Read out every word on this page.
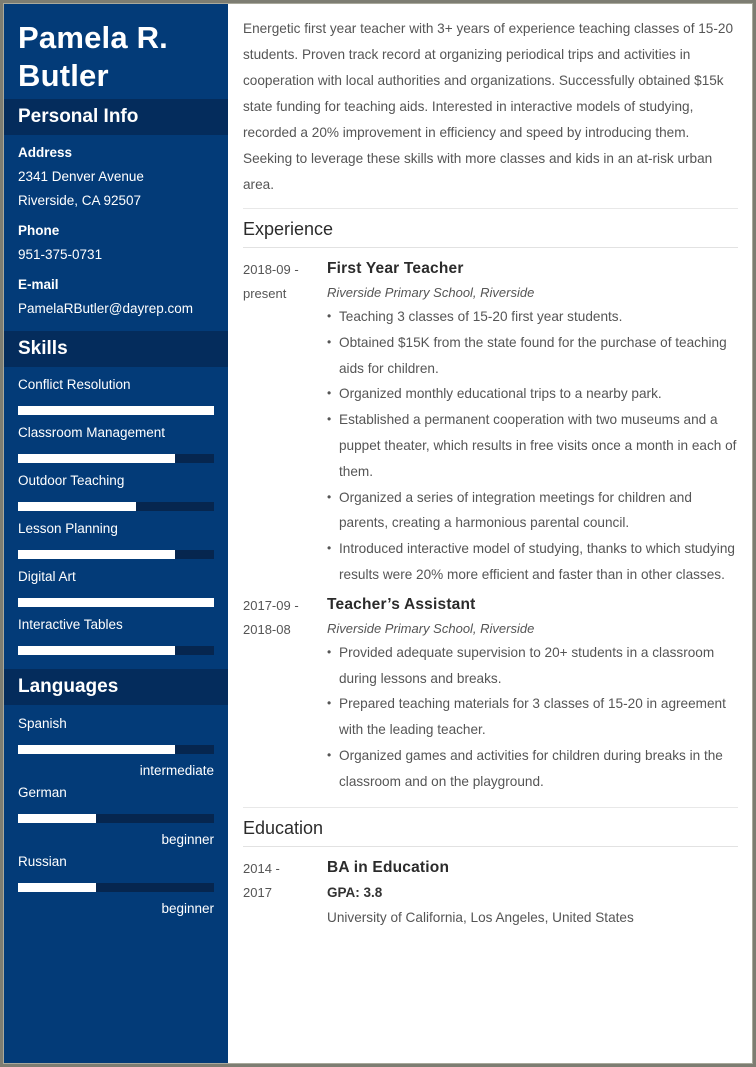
Pamela R.
Butler
Personal Info
Address
2341 Denver Avenue
Riverside, CA 92507
Phone
951-375-0731
E-mail
PamelaRButler@dayrep.com
Skills
Conflict Resolution
Classroom Management
Outdoor Teaching
Lesson Planning
Digital Art
Interactive Tables
Languages
Spanish
intermediate
German
beginner
Russian
beginner

Energetic first year teacher with 3+ years of experience teaching classes of 15-20 students. Proven track record at organizing periodical trips and activities in cooperation with local authorities and organizations. Successfully obtained $15k state funding for teaching aids. Interested in interactive models of studying, recorded a 20% improvement in efficiency and speed by introducing them. Seeking to leverage these skills with more classes and kids in an at-risk urban area.

Experience
2018-09 -
present
First Year Teacher
Riverside Primary School, Riverside
• Teaching 3 classes of 15-20 first year students.
• Obtained $15K from the state found for the purchase of teaching aids for children.
• Organized monthly educational trips to a nearby park.
• Established a permanent cooperation with two museums and a puppet theater, which results in free visits once a month in each of them.
• Organized a series of integration meetings for children and parents, creating a harmonious parental council.
• Introduced interactive model of studying, thanks to which studying results were 20% more efficient and faster than in other classes.
2017-09 -
2018-08
Teacher’s Assistant
Riverside Primary School, Riverside
• Provided adequate supervision to 20+ students in a classroom during lessons and breaks.
• Prepared teaching materials for 3 classes of 15-20 in agreement with the leading teacher.
• Organized games and activities for children during breaks in the classroom and on the playground.
Education
2014 -
2017
BA in Education
GPA: 3.8
University of California, Los Angeles, United States
